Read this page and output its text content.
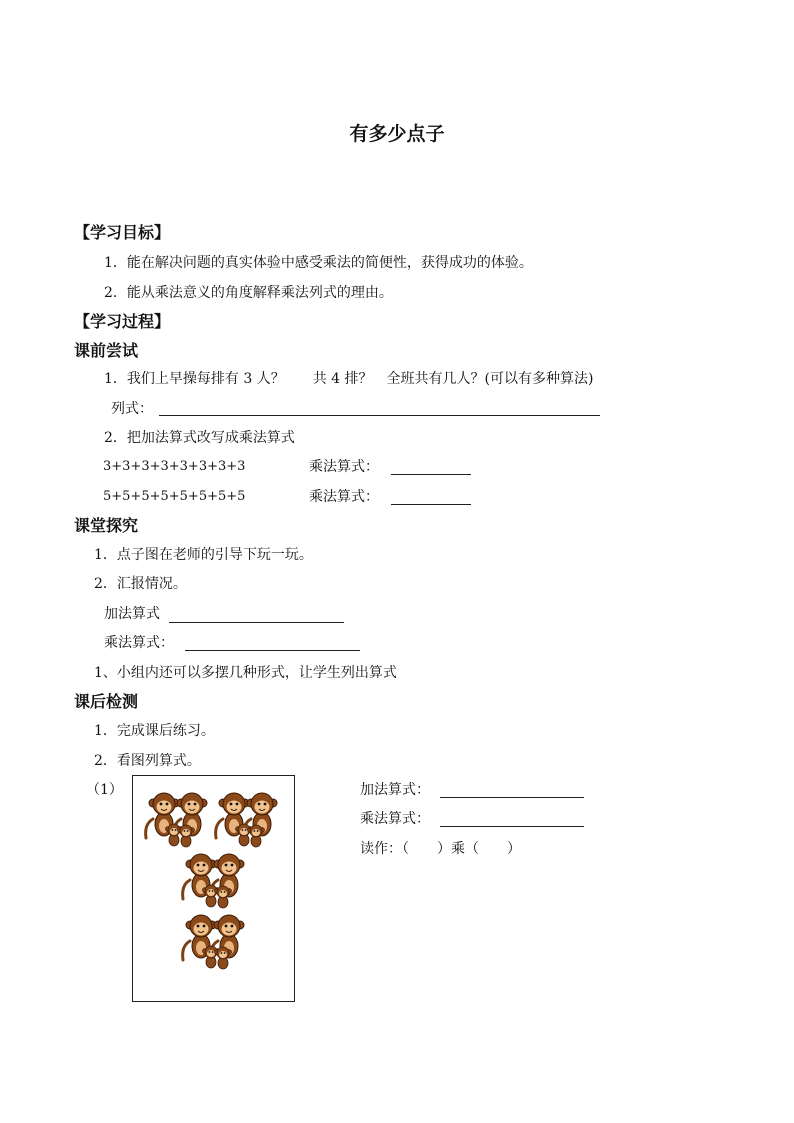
有多少点子
【学习目标】
1．能在解决问题的真实体验中感受乘法的简便性，获得成功的体验。
2．能从乘法意义的角度解释乘法列式的理由。
【学习过程】
课前尝试
1．我们上早操每排有 3 人？　　共 4 排？　全班共有几人？(可以有多种算法)
列式：
2．把加法算式改写成乘法算式
3+3+3+3+3+3+3+3	乘法算式：
5+5+5+5+5+5+5+5	乘法算式：
课堂探究
1．点子图在老师的引导下玩一玩。
2．汇报情况。
加法算式
乘法算式：
1、小组内还可以多摆几种形式，让学生列出算式
课后检测
1．完成课后练习。
2．看图列算式。
（1）	加法算式：
乘法算式：
读作：（　　）乘（　　）
